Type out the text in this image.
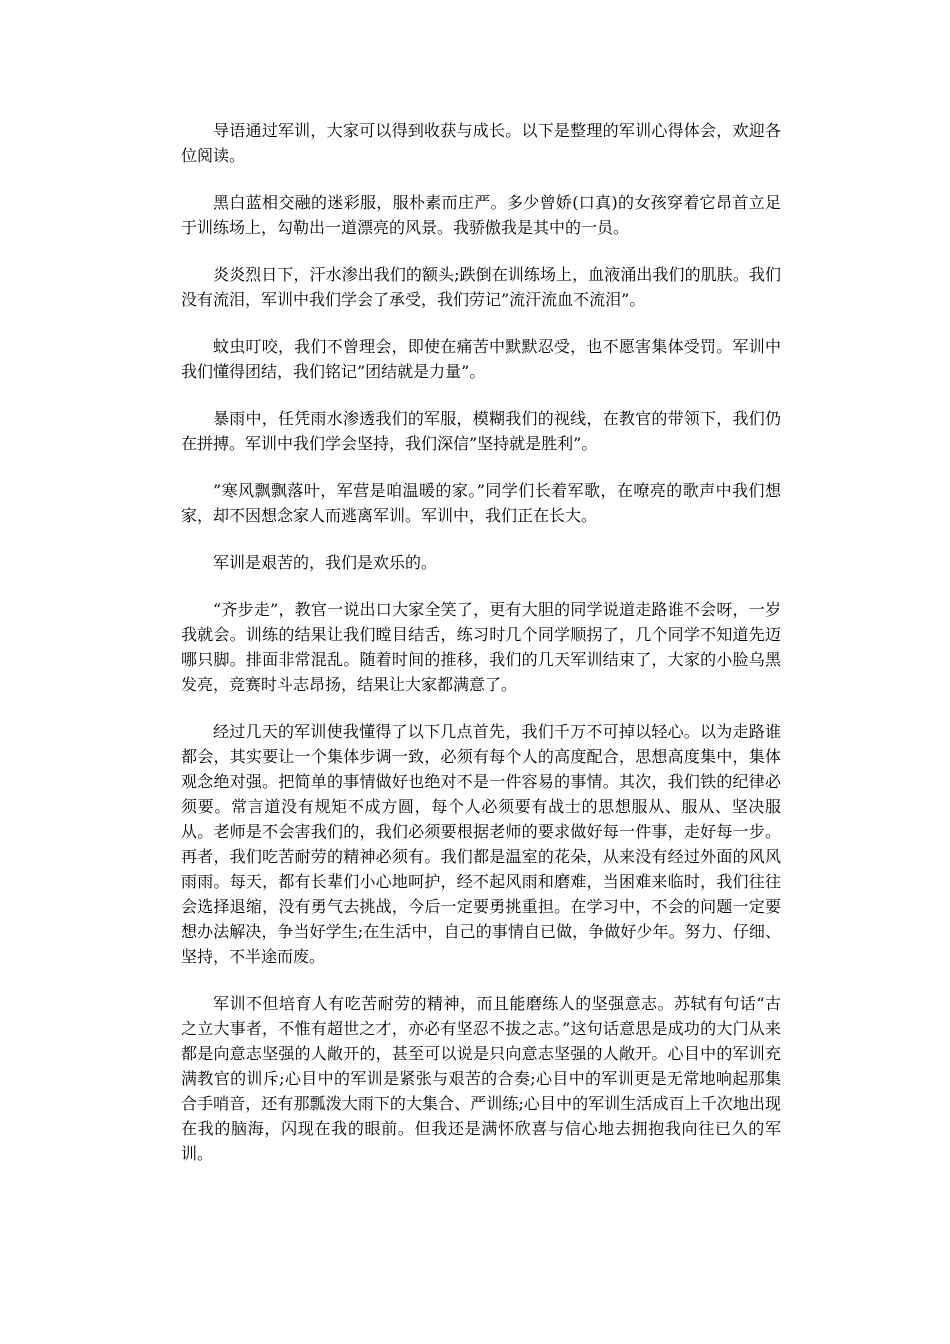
导语通过军训，大家可以得到收获与成长。以下是整理的军训心得体会，欢迎各位阅读。

黑白蓝相交融的迷彩服，服朴素而庄严。多少曾娇(口真)的女孩穿着它昂首立足于训练场上，勾勒出一道漂亮的风景。我骄傲我是其中的一员。

炎炎烈日下，汗水渗出我们的额头;跌倒在训练场上，血液涌出我们的肌肤。我们没有流泪，军训中我们学会了承受，我们劳记”流汗流血不流泪”。

蚊虫叮咬，我们不曾理会，即使在痛苦中默默忍受，也不愿害集体受罚。军训中我们懂得团结，我们铭记”团结就是力量”。

暴雨中，任凭雨水渗透我们的军服，模糊我们的视线，在教官的带领下，我们仍在拼搏。军训中我们学会坚持，我们深信”坚持就是胜利”。

”寒风飘飘落叶，军营是咱温暖的家。”同学们长着军歌，在嘹亮的歌声中我们想家，却不因想念家人而逃离军训。军训中，我们正在长大。

军训是艰苦的，我们是欢乐的。

“齐步走”，教官一说出口大家全笑了，更有大胆的同学说道走路谁不会呀，一岁我就会。训练的结果让我们瞠目结舌，练习时几个同学顺拐了，几个同学不知道先迈哪只脚。排面非常混乱。随着时间的推移，我们的几天军训结束了，大家的小脸乌黑发亮，竞赛时斗志昂扬，结果让大家都满意了。

经过几天的军训使我懂得了以下几点首先，我们千万不可掉以轻心。以为走路谁都会，其实要让一个集体步调一致，必须有每个人的高度配合，思想高度集中，集体观念绝对强。把简单的事情做好也绝对不是一件容易的事情。其次，我们铁的纪律必须要。常言道没有规矩不成方圆，每个人必须要有战士的思想服从、服从、坚决服从。老师是不会害我们的，我们必须要根据老师的要求做好每一件事，走好每一步。再者，我们吃苦耐劳的精神必须有。我们都是温室的花朵，从来没有经过外面的风风雨雨。每天，都有长辈们小心地呵护，经不起风雨和磨难，当困难来临时，我们往往会选择退缩，没有勇气去挑战，今后一定要勇挑重担。在学习中，不会的问题一定要想办法解决，争当好学生;在生活中，自己的事情自已做，争做好少年。努力、仔细、坚持，不半途而废。

军训不但培育人有吃苦耐劳的精神，而且能磨练人的坚强意志。苏轼有句话“古之立大事者，不惟有超世之才，亦必有坚忍不拔之志。”这句话意思是成功的大门从来都是向意志坚强的人敞开的，甚至可以说是只向意志坚强的人敞开。心目中的军训充满教官的训斥;心目中的军训是紧张与艰苦的合奏;心目中的军训更是无常地响起那集合手哨音，还有那瓢泼大雨下的大集合、严训练;心目中的军训生活成百上千次地出现在我的脑海，闪现在我的眼前。但我还是满怀欣喜与信心地去拥抱我向往已久的军训。
